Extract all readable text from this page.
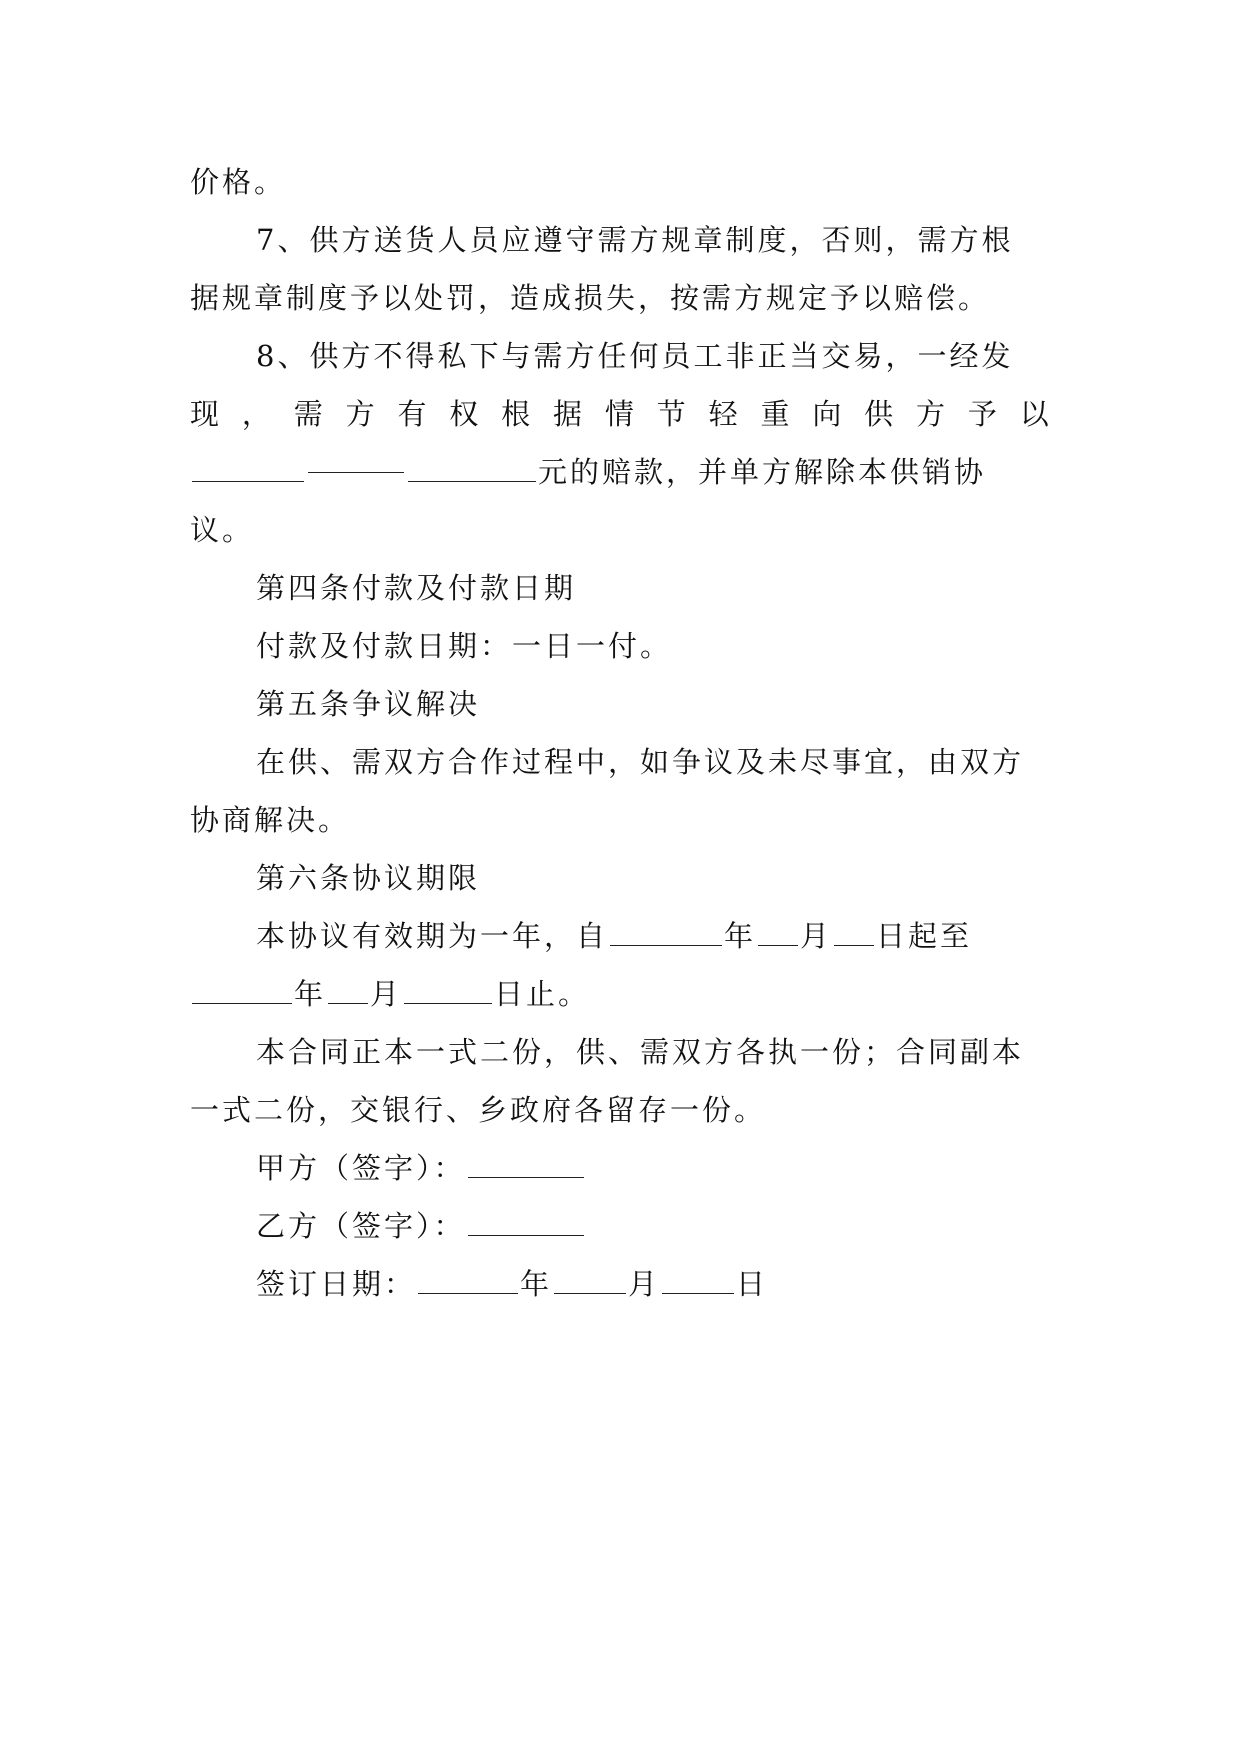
价格。
7、供方送货人员应遵守需方规章制度，否则，需方根
据规章制度予以处罚，造成损失，按需方规定予以赔偿。
8、供方不得私下与需方任何员工非正当交易，一经发
现 ， 需 方 有 权 根 据 情 节 轻 重 向 供 方 予 以
元的赔款，并单方解除本供销协
议。
第四条付款及付款日期
付款及付款日期：一日一付。
第五条争议解决
在供、需双方合作过程中，如争议及未尽事宜，由双方
协商解决。
第六条协议期限
本协议有效期为一年，自	年 月 日起至
年 月	日止。
本合同正本一式二份，供、需双方各执一份；合同副本
一式二份，交银行、乡政府各留存一份。
甲方（签字）：
乙方（签字）：
签订日期：	年	月	日
